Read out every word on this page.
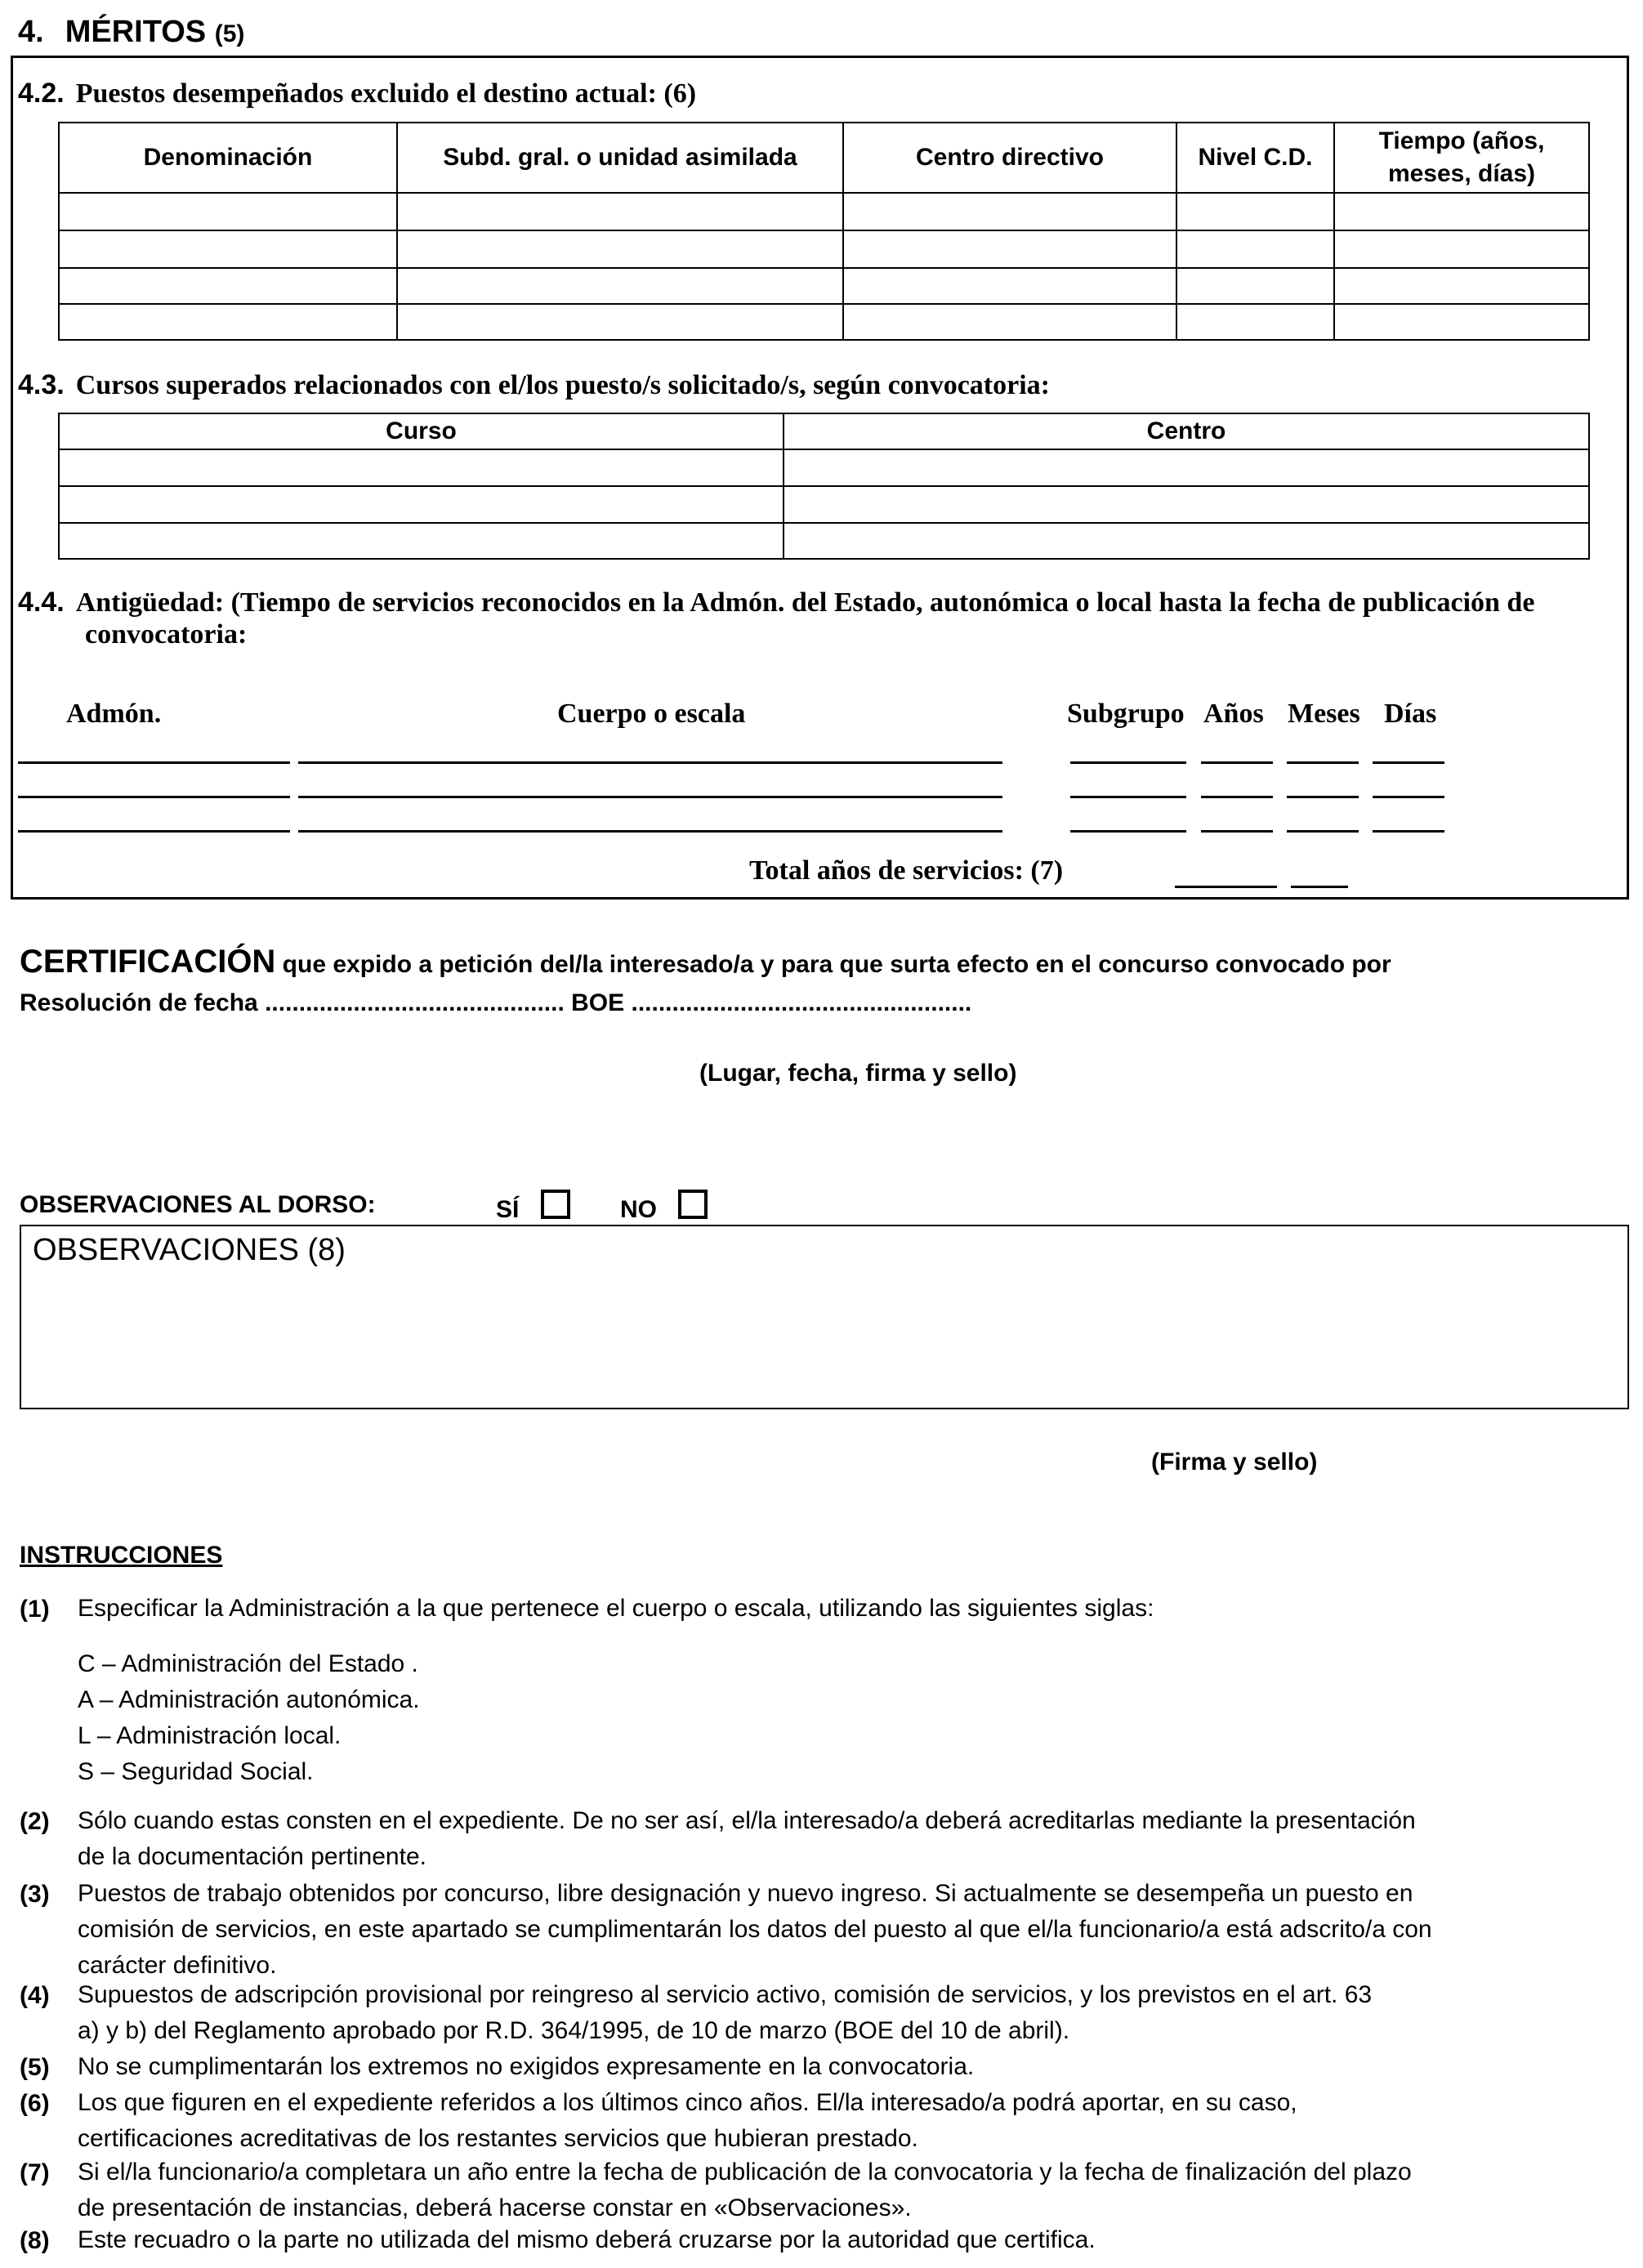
4. MÉRITOS (5)
4.2. Puestos desempeñados excluido el destino actual: (6)
Denominación	Subd. gral. o unidad asimilada	Centro directivo	Nivel C.D.	Tiempo (años, meses, días)

4.3. Cursos superados relacionados con el/los puesto/s solicitado/s, según convocatoria:
Curso	Centro

4.4. Antigüedad: (Tiempo de servicios reconocidos en la Admón. del Estado, autonómica o local hasta la fecha de publicación de
convocatoria:
Admón.	Cuerpo o escala	Subgrupo Años Meses Días
Total años de servicios: (7)
CERTIFICACIÓN que expido a petición del/la interesado/a y para que surta efecto en el concurso convocado por
Resolución de fecha ............................................ BOE ..................................................
(Lugar, fecha, firma y sello)
OBSERVACIONES AL DORSO:	SÍ	NO
OBSERVACIONES (8)
(Firma y sello)
INSTRUCCIONES
(1) Especificar la Administración a la que pertenece el cuerpo o escala, utilizando las siguientes siglas:
C – Administración del Estado .
A – Administración autonómica.
L – Administración local.
S – Seguridad Social.
(2) Sólo cuando estas consten en el expediente. De no ser así, el/la interesado/a deberá acreditarlas mediante la presentación
de la documentación pertinente.
(3) Puestos de trabajo obtenidos por concurso, libre designación y nuevo ingreso. Si actualmente se desempeña un puesto en
comisión de servicios, en este apartado se cumplimentarán los datos del puesto al que el/la funcionario/a está adscrito/a con
carácter definitivo.
(4) Supuestos de adscripción provisional por reingreso al servicio activo, comisión de servicios, y los previstos en el art. 63
a) y b) del Reglamento aprobado por R.D. 364/1995, de 10 de marzo (BOE del 10 de abril).
(5) No se cumplimentarán los extremos no exigidos expresamente en la convocatoria.
(6) Los que figuren en el expediente referidos a los últimos cinco años. El/la interesado/a podrá aportar, en su caso,
certificaciones acreditativas de los restantes servicios que hubieran prestado.
(7) Si el/la funcionario/a completara un año entre la fecha de publicación de la convocatoria y la fecha de finalización del plazo
de presentación de instancias, deberá hacerse constar en «Observaciones».
(8) Este recuadro o la parte no utilizada del mismo deberá cruzarse por la autoridad que certifica.
